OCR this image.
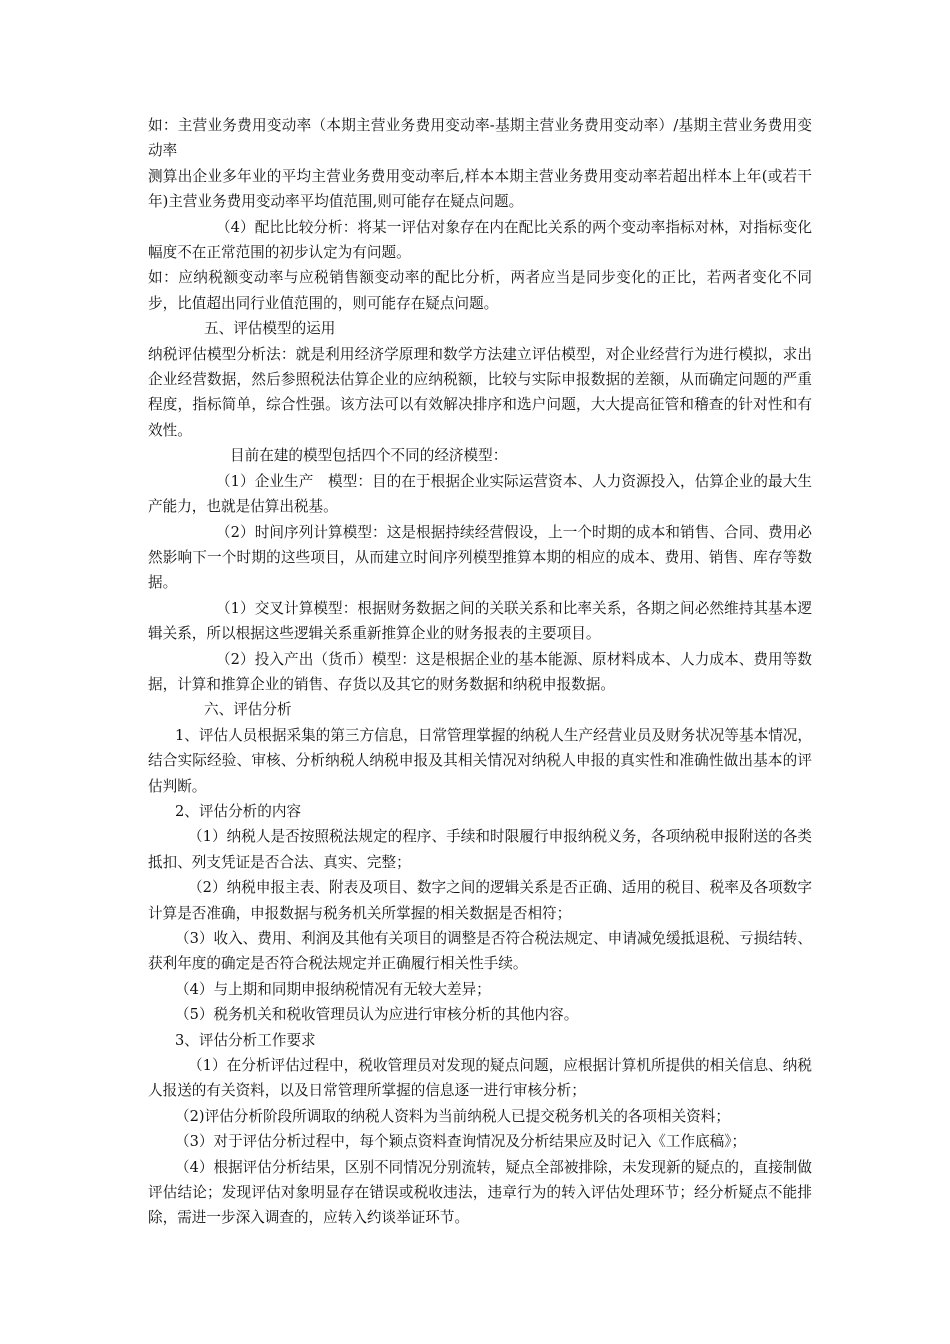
如：主营业务费用变动率（本期主营业务费用变动率-基期主营业务费用变动率）/基期主营业务费用变动率

测算出企业多年业的平均主营业务费用变动率后,样本本期主营业务费用变动率若超出样本上年(或若干年)主营业务费用变动率平均值范围,则可能存在疑点问题。

（4）配比比较分析：将某一评估对象存在内在配比关系的两个变动率指标对林，对指标变化幅度不在正常范围的初步认定为有问题。

如：应纳税额变动率与应税销售额变动率的配比分析，两者应当是同步变化的正比，若两者变化不同步，比值超出同行业值范围的，则可能存在疑点问题。

五、评估模型的运用

纳税评估模型分析法：就是利用经济学原理和数学方法建立评估模型，对企业经营行为进行模拟，求出企业经营数据，然后参照税法估算企业的应纳税额，比较与实际申报数据的差额，从而确定问题的严重程度，指标简单，综合性强。该方法可以有效解决排序和选户问题，大大提高征管和稽查的针对性和有效性。

目前在建的模型包括四个不同的经济模型：

（1）企业生产　模型：目的在于根据企业实际运营资本、人力资源投入，估算企业的最大生产能力，也就是估算出税基。

（2）时间序列计算模型：这是根据持续经营假设，上一个时期的成本和销售、合同、费用必然影响下一个时期的这些项目，从而建立时间序列模型推算本期的相应的成本、费用、销售、库存等数据。

（1）交叉计算模型：根据财务数据之间的关联关系和比率关系，各期之间必然维持其基本逻辑关系，所以根据这些逻辑关系重新推算企业的财务报表的主要项目。

（2）投入产出（货币）模型：这是根据企业的基本能源、原材料成本、人力成本、费用等数据，计算和推算企业的销售、存货以及其它的财务数据和纳税申报数据。

六、评估分析

1、评估人员根据采集的第三方信息，日常管理掌握的纳税人生产经营业员及财务状况等基本情况，结合实际经验、审核、分析纳税人纳税申报及其相关情况对纳税人申报的真实性和准确性做出基本的评估判断。

2、评估分析的内容

（1）纳税人是否按照税法规定的程序、手续和时限履行申报纳税义务，各项纳税申报附送的各类抵扣、列支凭证是否合法、真实、完整；

（2）纳税申报主表、附表及项目、数字之间的逻辑关系是否正确、适用的税目、税率及各项数字计算是否准确，申报数据与税务机关所掌握的相关数据是否相符；

（3）收入、费用、利润及其他有关项目的调整是否符合税法规定、申请减免缓抵退税、亏损结转、获利年度的确定是否符合税法规定并正确履行相关性手续。

（4）与上期和同期申报纳税情况有无较大差异；

（5）税务机关和税收管理员认为应进行审核分析的其他内容。

3、评估分析工作要求

（1）在分析评估过程中，税收管理员对发现的疑点问题，应根据计算机所提供的相关信息、纳税人报送的有关资料，以及日常管理所掌握的信息逐一进行审核分析；

（2)评估分析阶段所调取的纳税人资料为当前纳税人已提交税务机关的各项相关资料；

（3）对于评估分析过程中，每个颖点资料查询情况及分析结果应及时记入《工作底稿》；

（4）根据评估分析结果，区别不同情况分别流转，疑点全部被排除，未发现新的疑点的，直接制做评估结论；发现评估对象明显存在错误或税收违法，违章行为的转入评估处理环节；经分析疑点不能排除，需进一步深入调查的，应转入约谈举证环节。
